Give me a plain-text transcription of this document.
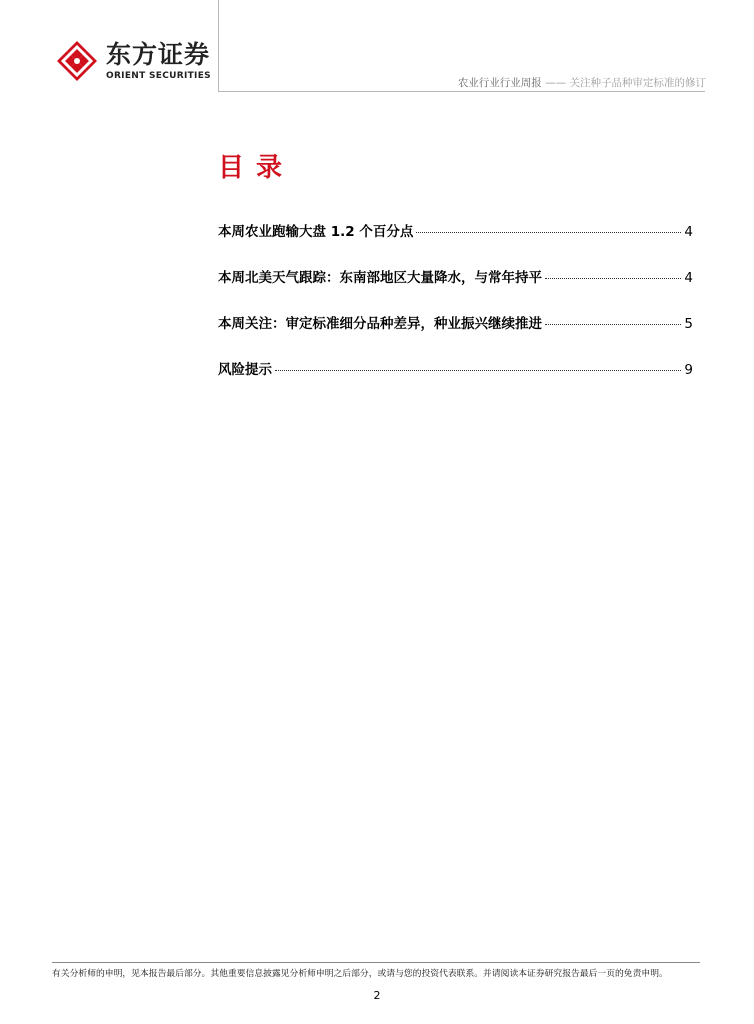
东方证券
ORIENT SECURITIES
农业行业行业周报 —— 关注种子品种审定标准的修订
目录
本周农业跑输大盘 1.2 个百分点	4
本周北美天气跟踪：东南部地区大量降水，与常年持平	4
本周关注：审定标准细分品种差异，种业振兴继续推进	5
风险提示	9
有关分析师的申明，见本报告最后部分。其他重要信息披露见分析师申明之后部分，或请与您的投资代表联系。并请阅读本证券研究报告最后一页的免责申明。
2
